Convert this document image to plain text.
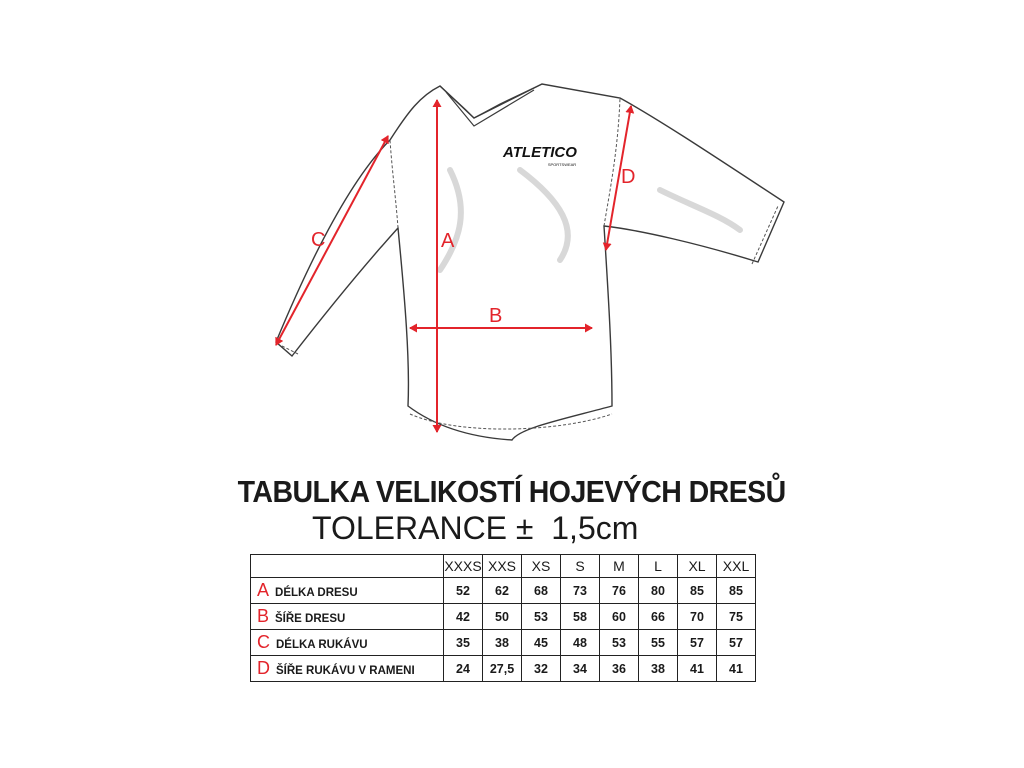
ATLETICO
SPORTSWEAR
A
B
C
D
TABULKA VELIKOSTÍ HOJEVÝCH DRESŮ
TOLERANCE ±  1,5cm
	XXXS	XXS	XS	S	M	L	XL	XXL
A DÉLKA DRESU	52	62	68	73	76	80	85	85
B ŠÍŘE DRESU	42	50	53	58	60	66	70	75
C DÉLKA RUKÁVU	35	38	45	48	53	55	57	57
D ŠÍŘE RUKÁVU V RAMENI	24	27,5	32	34	36	38	41	41
